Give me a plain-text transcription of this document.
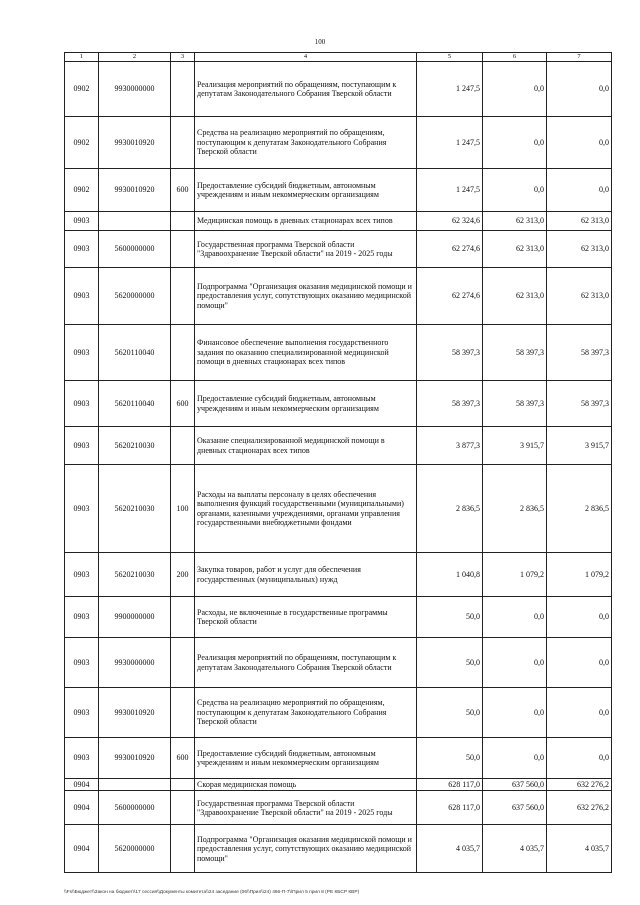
100
1	2	3	4	5	6	7
0902	9930000000		Реализация мероприятий по обращениям, поступающим к депутатам Законодательного Собрания Тверской области	1 247,5	0,0	0,0
0902	9930010920		Средства на реализацию мероприятий по обращениям, поступающим к депутатам Законодательного Собрания Тверской области	1 247,5	0,0	0,0
0902	9930010920	600	Предоставление субсидий бюджетным, автономным учреждениям и иным некоммерческим организациям	1 247,5	0,0	0,0
0903			Медицинская помощь в дневных стационарах всех типов	62 324,6	62 313,0	62 313,0
0903	5600000000		Государственная программа Тверской области "Здравоохранение Тверской области" на 2019 - 2025 годы	62 274,6	62 313,0	62 313,0
0903	5620000000		Подпрограмма "Организация оказания медицинской помощи и предоставления услуг, сопутствующих оказанию медицинской помощи"	62 274,6	62 313,0	62 313,0
0903	5620110040		Финансовое обеспечение выполнения государственного задания по оказанию специализированной медицинской помощи в дневных стационарах всех типов	58 397,3	58 397,3	58 397,3
0903	5620110040	600	Предоставление субсидий бюджетным, автономным учреждениям и иным некоммерческим организациям	58 397,3	58 397,3	58 397,3
0903	5620210030		Оказание специализированной медицинской помощи в дневных стационарах всех типов	3 877,3	3 915,7	3 915,7
0903	5620210030	100	Расходы на выплаты персоналу в целях обеспечения выполнения функций государственными (муниципальными) органами, казенными учреждениями, органами управления государственными внебюджетными фондами	2 836,5	2 836,5	2 836,5
0903	5620210030	200	Закупка товаров, работ и услуг для обеспечения государственных (муниципальных) нужд	1 040,8	1 079,2	1 079,2
0903	9900000000		Расходы, не включенные в государственные программы Тверской области	50,0	0,0	0,0
0903	9930000000		Реализация мероприятий по обращениям, поступающим к депутатам Законодательного Собрания Тверской области	50,0	0,0	0,0
0903	9930010920		Средства на реализацию мероприятий по обращениям, поступающим к депутатам Законодательного Собрания Тверской области	50,0	0,0	0,0
0903	9930010920	600	Предоставление субсидий бюджетным, автономным учреждениям и иным некоммерческим организациям	50,0	0,0	0,0
0904			Скорая медицинская помощь	628 117,0	637 560,0	632 276,2
0904	5600000000		Государственная программа Тверской области "Здравоохранение Тверской области" на 2019 - 2025 годы	628 117,0	637 560,0	632 276,2
0904	5620000000		Подпрограмма "Организация оказания медицинской помощи и предоставления услуг, сопутствующих оказанию медицинской помощи"	4 035,7	4 035,7	4 035,7
\\Fs\\Бюджет\\Закон на бюджет\\17 сессия\\Документы комитета\\24 заседание (06\\Прил\\24) 466-П-7\\Прил 5 прил 8 (РЕ КБСР КВР)
